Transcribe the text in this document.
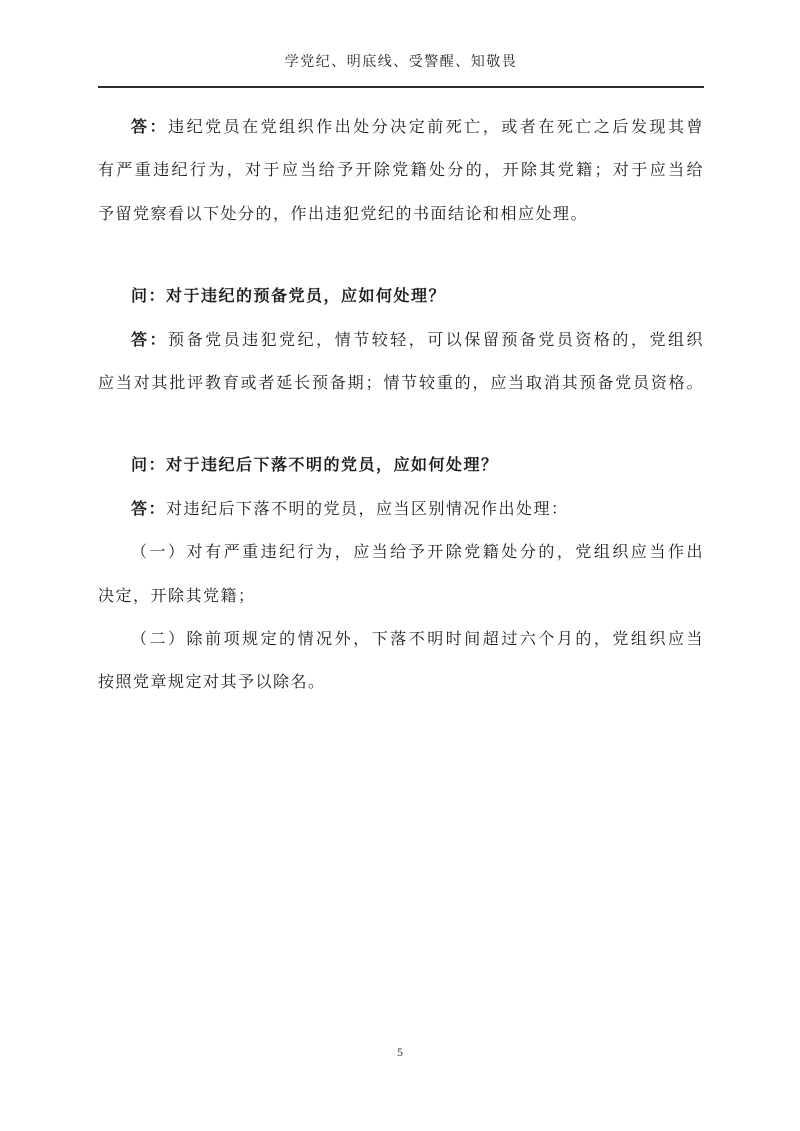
学党纪、明底线、受警醒、知敬畏
答：违纪党员在党组织作出处分决定前死亡，或者在死亡之后发现其曾
有严重违纪行为，对于应当给予开除党籍处分的，开除其党籍；对于应当给
予留党察看以下处分的，作出违犯党纪的书面结论和相应处理。
问：对于违纪的预备党员，应如何处理？
答：预备党员违犯党纪，情节较轻，可以保留预备党员资格的，党组织
应当对其批评教育或者延长预备期；情节较重的，应当取消其预备党员资格。
问：对于违纪后下落不明的党员，应如何处理？
答：对违纪后下落不明的党员，应当区别情况作出处理：
（一）对有严重违纪行为，应当给予开除党籍处分的，党组织应当作出
决定，开除其党籍；
（二）除前项规定的情况外，下落不明时间超过六个月的，党组织应当
按照党章规定对其予以除名。
5
